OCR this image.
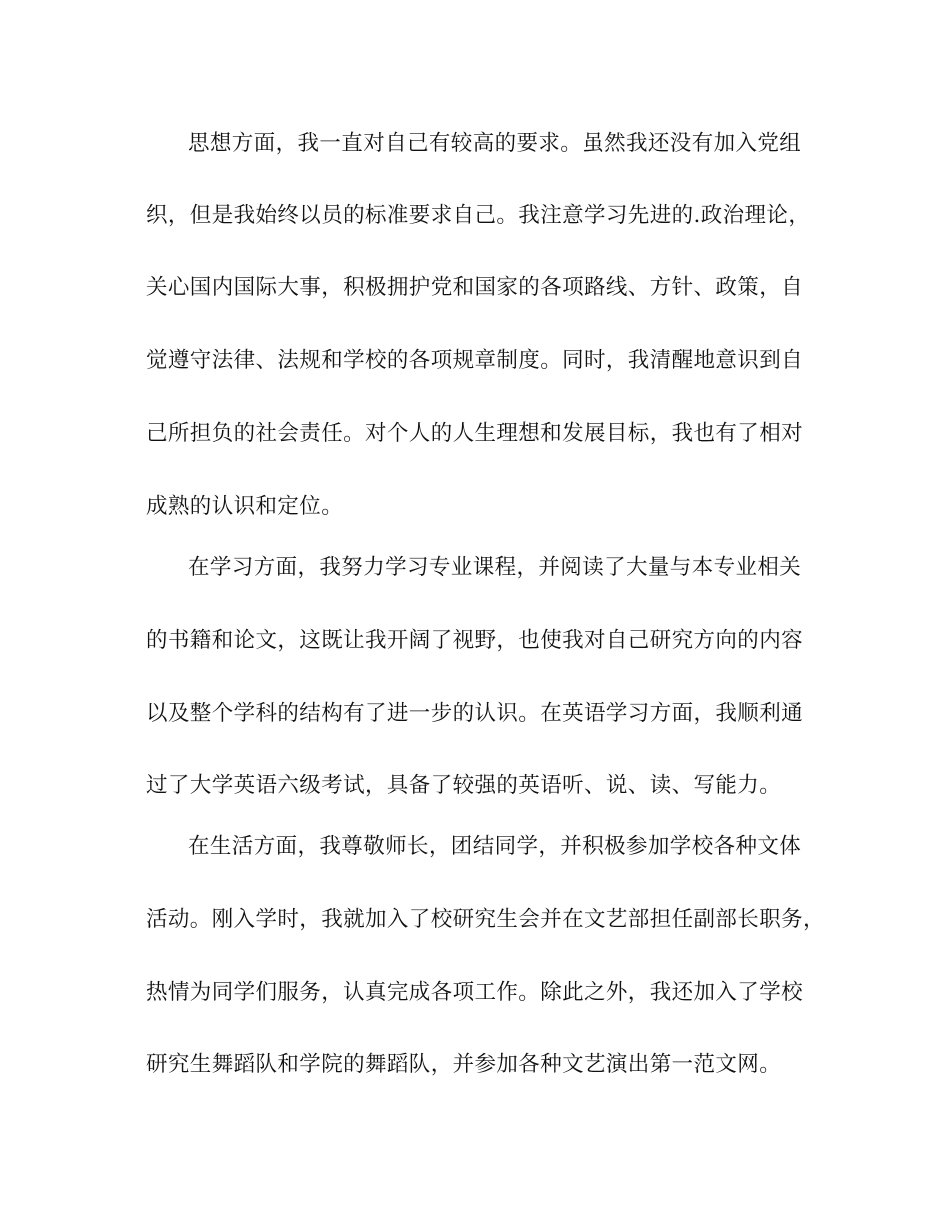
思想方面，我一直对自己有较高的要求。虽然我还没有加入党组
织，但是我始终以员的标准要求自己。我注意学习先进的.政治理论，
关心国内国际大事，积极拥护党和国家的各项路线、方针、政策，自
觉遵守法律、法规和学校的各项规章制度。同时，我清醒地意识到自
己所担负的社会责任。对个人的人生理想和发展目标，我也有了相对
成熟的认识和定位。
在学习方面，我努力学习专业课程，并阅读了大量与本专业相关
的书籍和论文，这既让我开阔了视野，也使我对自己研究方向的内容
以及整个学科的结构有了进一步的认识。在英语学习方面，我顺利通
过了大学英语六级考试，具备了较强的英语听、说、读、写能力。
在生活方面，我尊敬师长，团结同学，并积极参加学校各种文体
活动。刚入学时，我就加入了校研究生会并在文艺部担任副部长职务，
热情为同学们服务，认真完成各项工作。除此之外，我还加入了学校
研究生舞蹈队和学院的舞蹈队，并参加各种文艺演出第一范文网。
